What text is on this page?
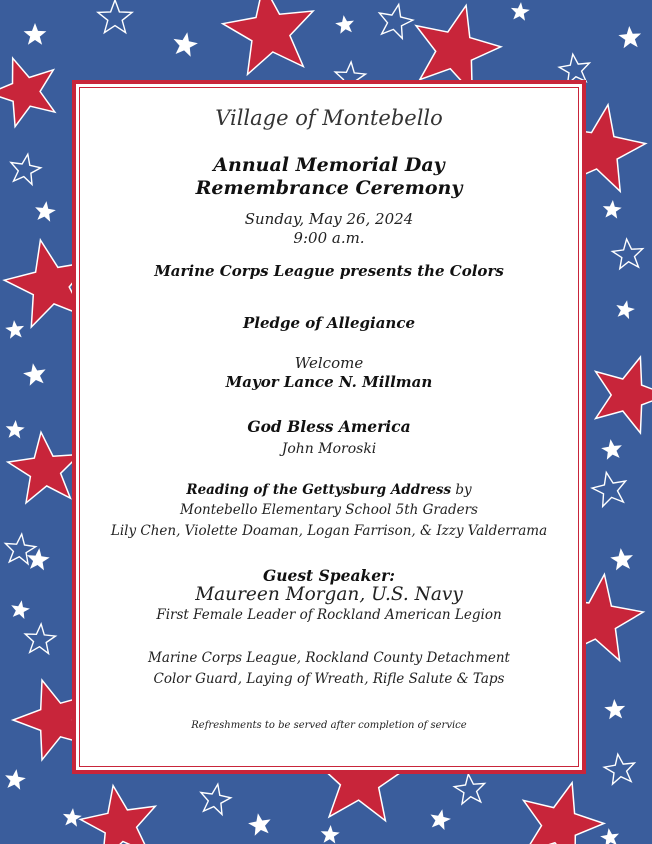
Village of Montebello

Annual Memorial Day

Remembrance Ceremony

Sunday, May 26, 2024

9:00 a.m.

Marine Corps League presents the Colors

Pledge of Allegiance

Welcome

Mayor Lance N. Millman

God Bless America

John Moroski

Reading of the Gettysburg Address by

Montebello Elementary School 5th Graders

Lily Chen, Violette Doaman, Logan Farrison, & Izzy Valderrama

Guest Speaker:

Maureen Morgan, U.S. Navy

First Female Leader of Rockland American Legion

Marine Corps League, Rockland County Detachment

Color Guard, Laying of Wreath, Rifle Salute & Taps

Refreshments to be served after completion of service
